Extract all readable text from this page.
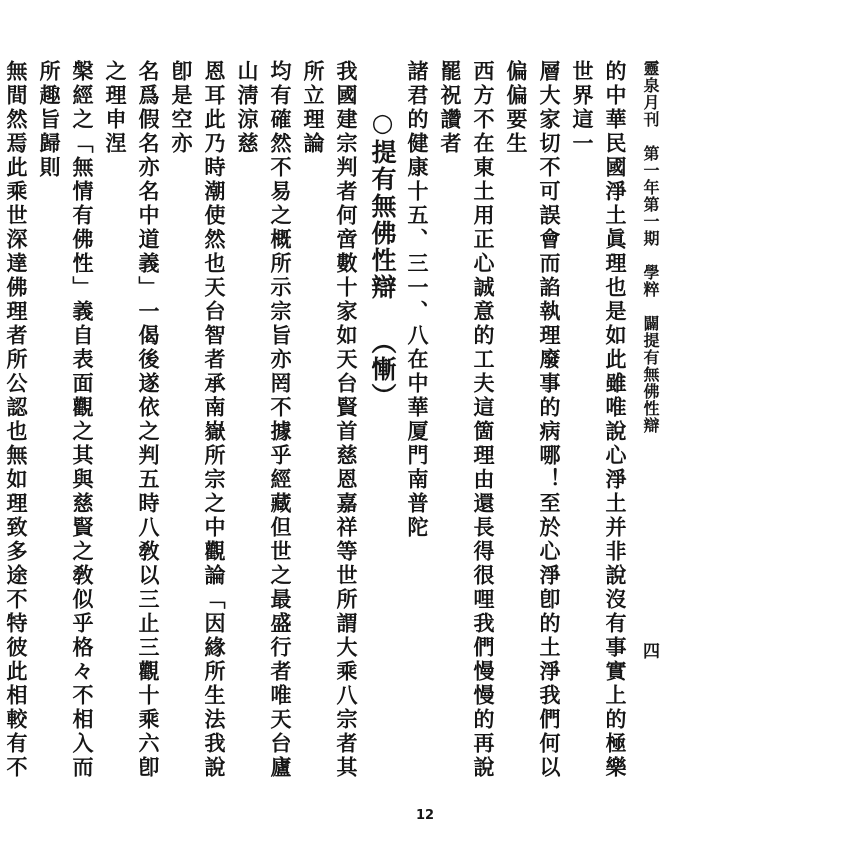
靈泉月刊　第一年第一期　學粹　闢提有無佛性辯
四

的中華民國淨土眞理也是如此雖唯說心淨土并非說沒有事實上的極樂世界這一

層大家切不可誤會而諂執理廢事的病哪！至於心淨卽的土淨我們何以偏偏要生

西方不在東土用正心誠意的工夫這箇理由還長得很哩我們慢慢的再說罷祝讚者

諸君的健康十五、三一、八在中華厦門南普陀

○提有無佛性辯（慚）

我國建宗判者何啻數十家如天台賢首慈恩嘉祥等世所謂大乘八宗者其所立理論

均有確然不易之概所示宗旨亦罔不據乎經藏但世之最盛行者唯天台廬山淸涼慈

恩耳此乃時潮使然也天台智者承南嶽所宗之中觀論「因緣所生法我說卽是空亦

名爲假名亦名中道義」一偈後遂依之判五時八敎以三止三觀十乘六卽之理申涅

槃經之「無情有佛性」義自表面觀之其與慈賢之敎似乎格々不相入而所趣旨歸則

無間然焉此乘世深達佛理者所公認也無如理致多途不特彼此相較有不

12
